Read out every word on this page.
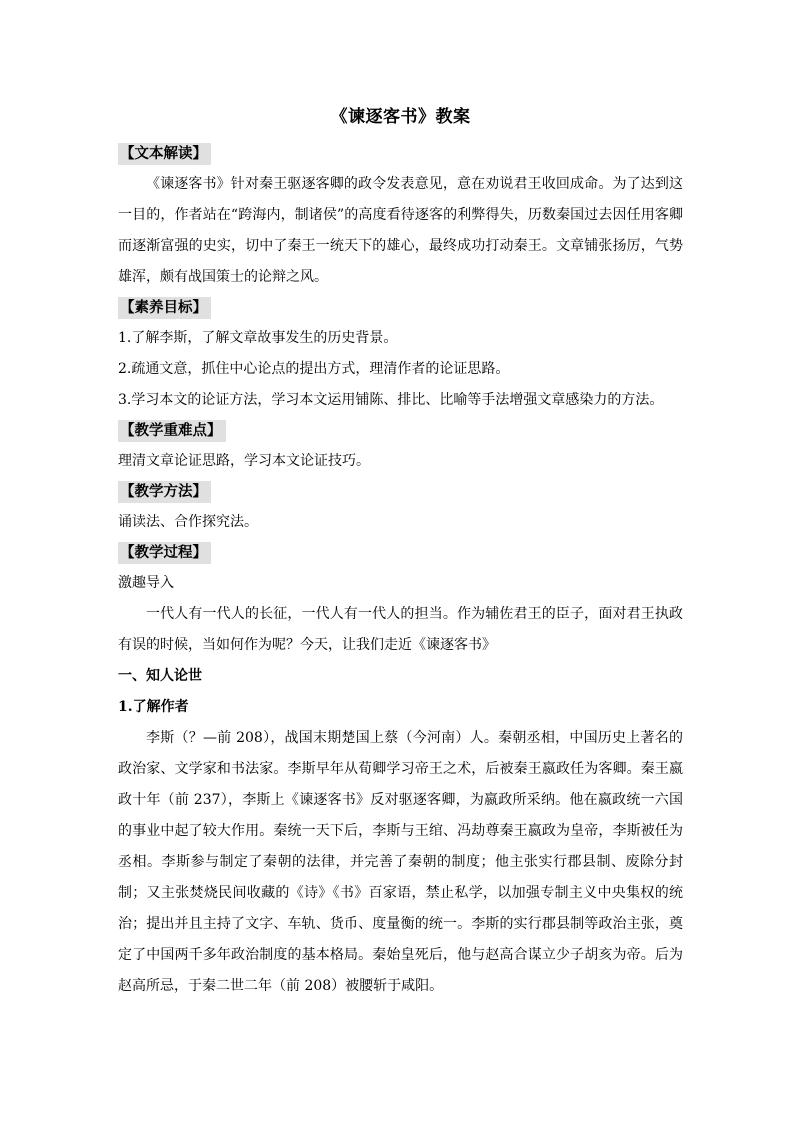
《谏逐客书》教案
【文本解读】

《谏逐客书》针对秦王驱逐客卿的政令发表意见，意在劝说君王收回成命。为了达到这一目的，作者站在“跨海内，制诸侯”的高度看待逐客的利弊得失，历数秦国过去因任用客卿而逐渐富强的史实，切中了秦王一统天下的雄心，最终成功打动秦王。文章铺张扬厉，气势雄浑，颇有战国策士的论辩之风。

【素养目标】

1.了解李斯，了解文章故事发生的历史背景。

2.疏通文意，抓住中心论点的提出方式，理清作者的论证思路。

3.学习本文的论证方法，学习本文运用铺陈、排比、比喻等手法增强文章感染力的方法。

【教学重难点】

理清文章论证思路，学习本文论证技巧。

【教学方法】

诵读法、合作探究法。

【教学过程】

激趣导入

一代人有一代人的长征，一代人有一代人的担当。作为辅佐君王的臣子，面对君王执政有误的时候，当如何作为呢？今天，让我们走近《谏逐客书》

一、知人论世

1.了解作者

李斯（？—前 208），战国末期楚国上蔡（今河南）人。秦朝丞相，中国历史上著名的政治家、文学家和书法家。李斯早年从荀卿学习帝王之术，后被秦王嬴政任为客卿。秦王嬴政十年（前 237），李斯上《谏逐客书》反对驱逐客卿，为嬴政所采纳。他在嬴政统一六国的事业中起了较大作用。秦统一天下后，李斯与王绾、冯劫尊秦王嬴政为皇帝，李斯被任为丞相。李斯参与制定了秦朝的法律，并完善了秦朝的制度；他主张实行郡县制、废除分封制；又主张焚烧民间收藏的《诗》《书》百家语，禁止私学，以加强专制主义中央集权的统治；提出并且主持了文字、车轨、货币、度量衡的统一。李斯的实行郡县制等政治主张，奠定了中国两千多年政治制度的基本格局。秦始皇死后，他与赵高合谋立少子胡亥为帝。后为赵高所忌，于秦二世二年（前 208）被腰斩于咸阳。
